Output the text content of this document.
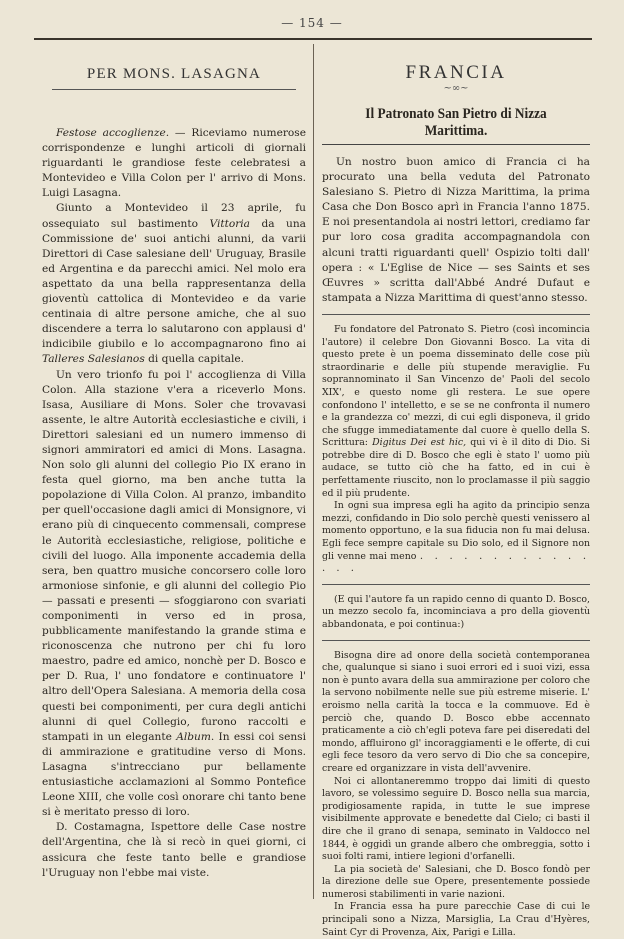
— 154 —
PER MONS. LASAGNA

Festose accoglienze. — Riceviamo numerose corrispondenze e lunghi articoli di giornali riguardanti le grandiose feste celebratesi a Montevideo e Villa Colon per l' arrivo di Mons. Luigi Lasagna.

Giunto a Montevideo il 23 aprile, fu ossequiato sul bastimento Vittoria da una Commissione de' suoi antichi alunni, da varii Direttori di Case salesiane dell' Uruguay, Brasile ed Argentina e da parecchi amici. Nel molo era aspettato da una bella rappresentanza della gioventù cattolica di Montevideo e da varie centinaia di altre persone amiche, che al suo discendere a terra lo salutarono con applausi d' indicibile giubilo e lo accompagnarono fino ai Talleres Salesianos di quella capitale.

Un vero trionfo fu poi l' accoglienza di Villa Colon. Alla stazione v'era a riceverlo Mons. Isasa, Ausiliare di Mons. Soler che trovavasi assente, le altre Autorità ecclesiastiche e civili, i Direttori salesiani ed un numero immenso di signori ammiratori ed amici di Mons. Lasagna. Non solo gli alunni del collegio Pio IX erano in festa quel giorno, ma ben anche tutta la popolazione di Villa Colon. Al pranzo, imbandito per quell'occasione dagli amici di Monsignore, vi erano più di cinquecento commensali, comprese le Autorità ecclesiastiche, religiose, politiche e civili del luogo. Alla imponente accademia della sera, ben quattro musiche concorsero colle loro armoniose sinfonie, e gli alunni del collegio Pio — passati e presenti — sfoggiarono con svariati componimenti in verso ed in prosa, pubblicamente manifestando la grande stima e riconoscenza che nutrono per chi fu loro maestro, padre ed amico, nonchè per D. Bosco e per D. Rua, l' uno fondatore e continuatore l' altro dell'Opera Salesiana. A memoria della cosa questi bei componimenti, per cura degli antichi alunni di quel Collegio, furono raccolti e stampati in un elegante Album. In essi coi sensi di ammirazione e gratitudine verso di Mons. Lasagna s'intrecciano pur bellamente entusiastiche acclamazioni al Sommo Pontefice Leone XIII, che volle così onorare chi tanto bene si è meritato presso di loro.

D. Costamagna, Ispettore delle Case nostre dell'Argentina, che là si recò in quei giorni, ci assicura che feste tanto belle e grandiose l'Uruguay non l'ebbe mai viste.

FRANCIA
~∞~
Il Patronato San Pietro di Nizza Marittima.

Un nostro buon amico di Francia ci ha procurato una bella veduta del Patronato Salesiano S. Pietro di Nizza Marittima, la prima Casa che Don Bosco aprì in Francia l'anno 1875. E noi presentandola ai nostri lettori, crediamo far pur loro cosa gradita accompagnandola con alcuni tratti riguardanti quell' Ospizio tolti dall' opera : « L'Eglise de Nice — ses Saints et ses Œuvres » scritta dall'Abbé André Dufaut e stampata a Nizza Marittima di quest'anno stesso.

Fu fondatore del Patronato S. Pietro (così incomincia l'autore) il celebre Don Giovanni Bosco. La vita di questo prete è un poema disseminato delle cose più straordinarie e delle più stupende meraviglie. Fu soprannominato il San Vincenzo de' Paoli del secolo XIX', e questo nome gli restera. Le sue opere confondono l' intelletto, e se se ne confronta il numero e la grandezza co' mezzi, di cui egli disponeva, il grido che sfugge immediatamente dal cuore è quello della S. Scrittura: Digitus Dei est hic, qui vi è il dito di Dio. Si potrebbe dire di D. Bosco che egli è stato l' uomo più audace, se tutto ciò che ha fatto, ed in cui è perfettamente riuscito, non lo proclamasse il più saggio ed il più prudente.

In ogni sua impresa egli ha agito da principio senza mezzi, confidando in Dio solo perchè questi venissero al momento opportuno, e la sua fiducia non fu mai delusa. Egli fece sempre capitale su Dio solo, ed il Signore non gli venne mai meno . . . . . . . . . . . . . . .

(E qui l'autore fa un rapido cenno di quanto D. Bosco, un mezzo secolo fa, incominciava a pro della gioventù abbandonata, e poi continua:)

Bisogna dire ad onore della società contemporanea che, qualunque si siano i suoi errori ed i suoi vizi, essa non è punto avara della sua ammirazione per coloro che la servono nobilmente nelle sue più estreme miserie. L' eroismo nella carità la tocca e la commuove. Ed è perciò che, quando D. Bosco ebbe accennato praticamente a ciò ch'egli poteva fare pei diseredati del mondo, affluirono gl' incoraggiamenti e le offerte, di cui egli fece tesoro da vero servo di Dio che sa concepire, creare ed organizzare in vista dell'avvenire.

Noi ci allontaneremmo troppo dai limiti di questo lavoro, se volessimo seguire D. Bosco nella sua marcia, prodigiosamente rapida, in tutte le sue imprese visibilmente approvate e benedette dal Cielo; ci basti il dire che il grano di senapa, seminato in Valdocco nel 1844, è oggidì un grande albero che ombreggia, sotto i suoi folti rami, intiere legioni d'orfanelli.

La pia società de' Salesiani, che D. Bosco fondò per la direzione delle sue Opere, presentemente possiede numerosi stabilimenti in varie nazioni.

In Francia essa ha pure parecchie Case di cui le principali sono a Nizza, Marsiglia, La Crau d'Hyères, Saint Cyr di Provenza, Aix, Parigi e Lilla.
